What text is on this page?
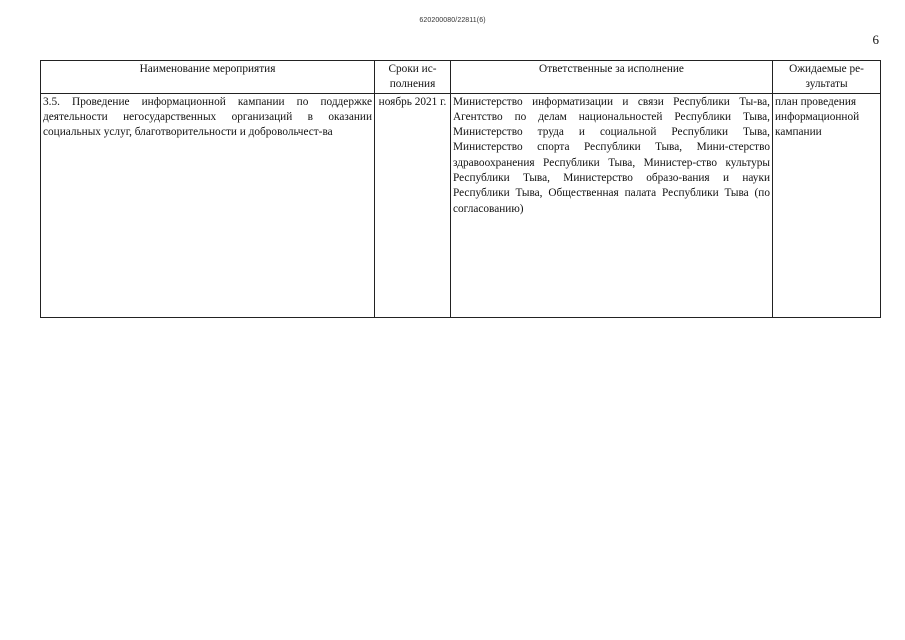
620200080/22811(6)
6
Наименование мероприятия	Сроки ис-полнения	Ответственные за исполнение	Ожидаемые ре-зультаты
3.5. Проведение информационной кампании по поддержке деятельности негосударственных организаций в оказании социальных услуг, благотворительности и добровольчест-ва	ноябрь 2021 г.	Министерство информатизации и связи Республики Ты-ва, Агентство по делам национальностей Республики Тыва, Министерство труда и социальной Республики Тыва, Министерство спорта Республики Тыва, Мини-стерство здравоохранения Республики Тыва, Министер-ство культуры Республики Тыва, Министерство образо-вания и науки Республики Тыва, Общественная палата Республики Тыва (по согласованию)	план проведения информационной кампании
